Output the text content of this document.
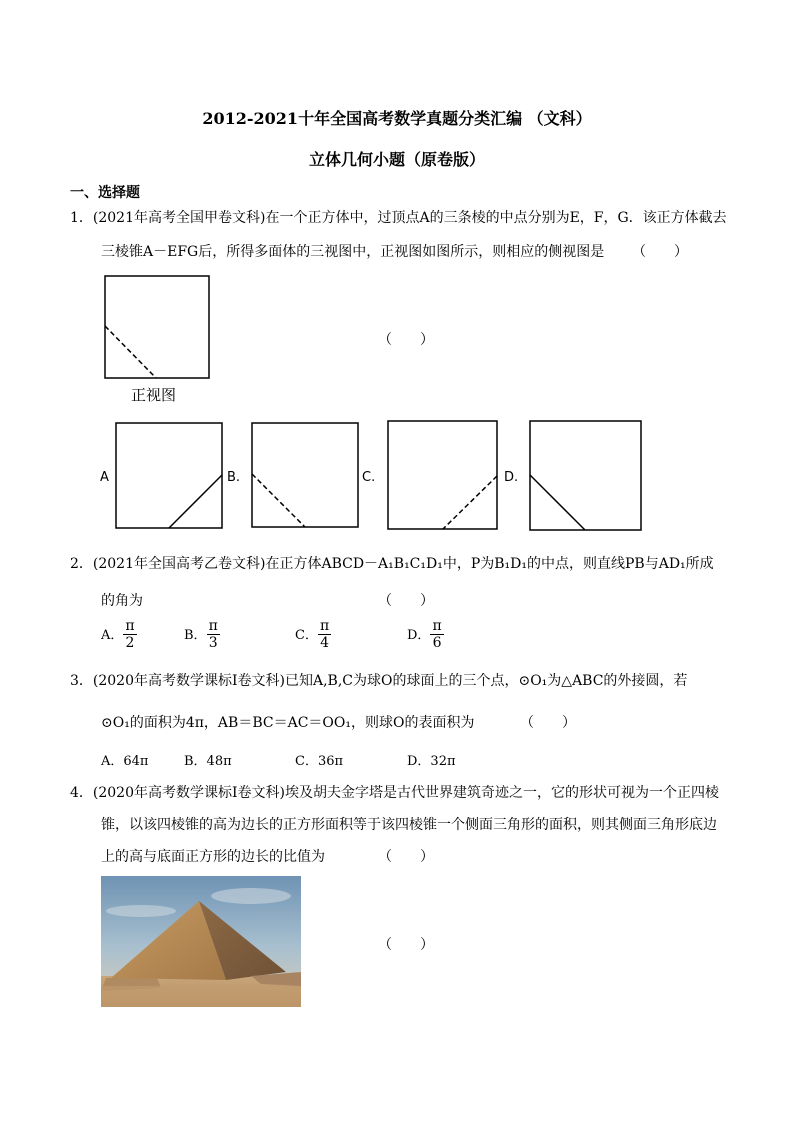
2012-2021十年全国高考数学真题分类汇编 （文科）
立体几何小题（原卷版）
一、选择题
1．(2021年高考全国甲卷文科)在一个正方体中，过顶点A的三条棱的中点分别为E，F，G．该正方体截去
三棱锥A－EFG后，所得多面体的三视图中，正视图如图所示，则相应的侧视图是 （　　）
（　　）
正视图
A	B.	C.	D.
2．(2021年全国高考乙卷文科)在正方体ABCD－A₁B₁C₁D₁中，P为B₁D₁的中点，则直线PB与AD₁所成
的角为	（　　）
A． $\frac{\pi}{2}$	B． $\frac{\pi}{3}$	C． $\frac{\pi}{4}$	D． $\frac{\pi}{6}$
3．(2020年高考数学课标Ⅰ卷文科)已知A,B,C为球O的球面上的三个点，⊙O₁为△ABC的外接圆，若
⊙O₁的面积为4π，AB＝BC＝AC＝OO₁，则球O的表面积为	（　　）
A．64π	B．48π	C．36π	D．32π
4．(2020年高考数学课标Ⅰ卷文科)埃及胡夫金字塔是古代世界建筑奇迹之一，它的形状可视为一个正四棱
锥，以该四棱锥的高为边长的正方形面积等于该四棱锥一个侧面三角形的面积，则其侧面三角形底边
上的高与底面正方形的边长的比值为	（　　）
（　　）
